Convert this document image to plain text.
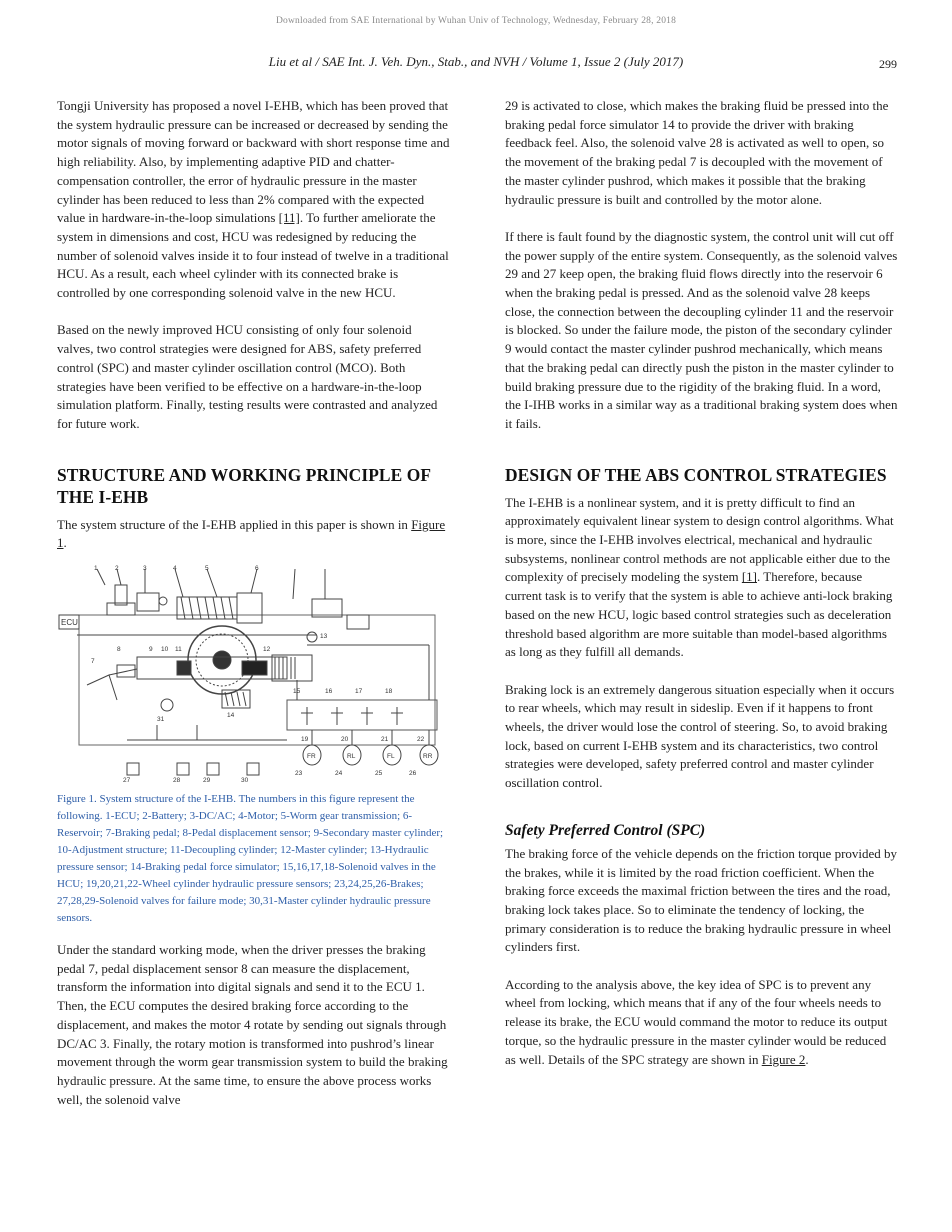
Downloaded from SAE International by Wuhan Univ of Technology, Wednesday, February 28, 2018
Liu et al / SAE Int. J. Veh. Dyn., Stab., and NVH / Volume 1, Issue 2 (July 2017)	299

Tongji University has proposed a novel I-EHB, which has been proved that the system hydraulic pressure can be increased or decreased by sending the motor signals of moving forward or backward with short response time and high reliability. Also, by implementing adaptive PID and chatter-compensation controller, the error of hydraulic pressure in the master cylinder has been reduced to less than 2% compared with the expected value in hardware-in-the-loop simulations [11]. To further ameliorate the system in dimensions and cost, HCU was redesigned by reducing the number of solenoid valves inside it to four instead of twelve in a traditional HCU. As a result, each wheel cylinder with its connected brake is controlled by one corresponding solenoid valve in the new HCU.

Based on the newly improved HCU consisting of only four solenoid valves, two control strategies were designed for ABS, safety preferred control (SPC) and master cylinder oscillation control (MCO). Both strategies have been verified to be effective on a hardware-in-the-loop simulation platform. Finally, testing results were contrasted and analyzed for future work.

STRUCTURE AND WORKING PRINCIPLE OF THE I-EHB

The system structure of the I-EHB applied in this paper is shown in Figure 1.

ECU
1	2	3	4	5	6
7
8	9 10 11	12
13
14
15	16	17	18
19	20	21	22
23	24	25	26
27	28	29	30
31
FR	RL	FL	RR
Figure 1. System structure of the I-EHB. The numbers in this figure represent the following. 1-ECU; 2-Battery; 3-DC/AC; 4-Motor; 5-Worm gear transmission; 6-Reservoir; 7-Braking pedal; 8-Pedal displacement sensor; 9-Secondary master cylinder; 10-Adjustment structure; 11-Decoupling cylinder; 12-Master cylinder; 13-Hydraulic pressure sensor; 14-Braking pedal force simulator; 15,16,17,18-Solenoid valves in the HCU; 19,20,21,22-Wheel cylinder hydraulic pressure sensors; 23,24,25,26-Brakes; 27,28,29-Solenoid valves for failure mode; 30,31-Master cylinder hydraulic pressure sensors.

Under the standard working mode, when the driver presses the braking pedal 7, pedal displacement sensor 8 can measure the displacement, transform the information into digital signals and send it to the ECU 1. Then, the ECU computes the desired braking force according to the displacement, and makes the motor 4 rotate by sending out signals through DC/AC 3. Finally, the rotary motion is transformed into pushrod’s linear movement through the worm gear transmission system to build the braking hydraulic pressure. At the same time, to ensure the above process works well, the solenoid valve

29 is activated to close, which makes the braking fluid be pressed into the braking pedal force simulator 14 to provide the driver with braking feedback feel. Also, the solenoid valve 28 is activated as well to open, so the movement of the braking pedal 7 is decoupled with the movement of the master cylinder pushrod, which makes it possible that the braking hydraulic pressure is built and controlled by the motor alone.

If there is fault found by the diagnostic system, the control unit will cut off the power supply of the entire system. Consequently, as the solenoid valves 29 and 27 keep open, the braking fluid flows directly into the reservoir 6 when the braking pedal is pressed. And as the solenoid valve 28 keeps close, the connection between the decoupling cylinder 11 and the reservoir is blocked. So under the failure mode, the piston of the secondary cylinder 9 would contact the master cylinder pushrod mechanically, which means that the braking pedal can directly push the piston in the master cylinder to build braking pressure due to the rigidity of the braking fluid. In a word, the I-IHB works in a similar way as a traditional braking system does when it fails.

DESIGN OF THE ABS CONTROL STRATEGIES

The I-EHB is a nonlinear system, and it is pretty difficult to find an approximately equivalent linear system to design control algorithms. What is more, since the I-EHB involves electrical, mechanical and hydraulic subsystems, nonlinear control methods are not applicable either due to the complexity of precisely modeling the system [1]. Therefore, because current task is to verify that the system is able to achieve anti-lock braking based on the new HCU, logic based control strategies such as deceleration threshold based algorithm are more suitable than model-based algorithms as long as they fulfill all demands.

Braking lock is an extremely dangerous situation especially when it occurs to rear wheels, which may result in sideslip. Even if it happens to front wheels, the driver would lose the control of steering. So, to avoid braking lock, based on current I-EHB system and its characteristics, two control strategies were developed, safety preferred control and master cylinder oscillation control.

Safety Preferred Control (SPC)

The braking force of the vehicle depends on the friction torque provided by the brakes, while it is limited by the road friction coefficient. When the braking force exceeds the maximal friction between the tires and the road, braking lock takes place. So to eliminate the tendency of locking, the primary consideration is to reduce the braking hydraulic pressure in wheel cylinders first.

According to the analysis above, the key idea of SPC is to prevent any wheel from locking, which means that if any of the four wheels needs to release its brake, the ECU would command the motor to reduce its output torque, so the hydraulic pressure in the master cylinder would be reduced as well. Details of the SPC strategy are shown in Figure 2.
